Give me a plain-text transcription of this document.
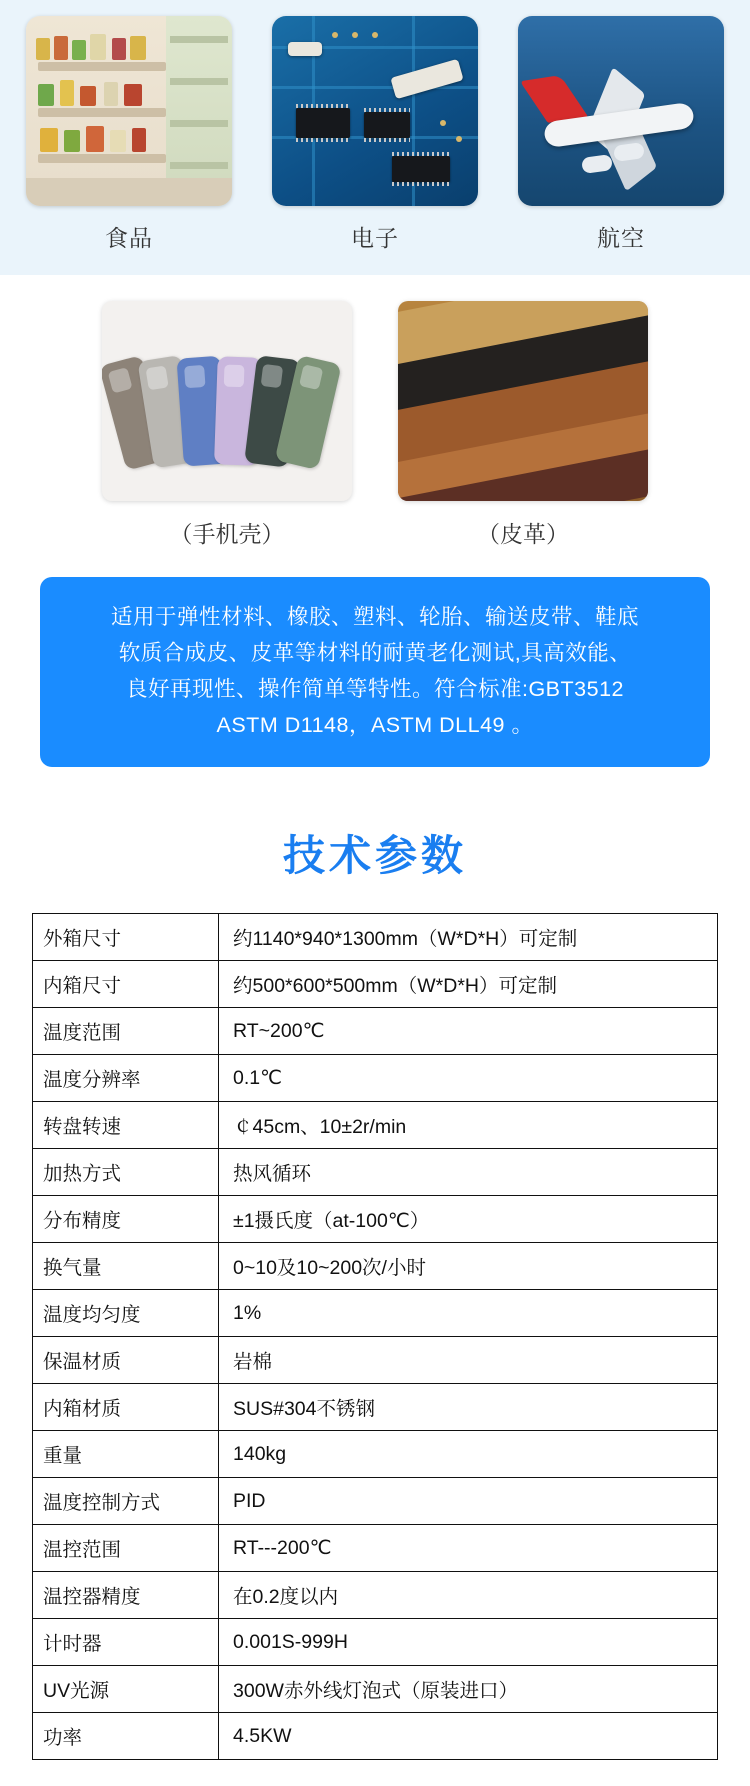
食品	电子	航空
（手机壳）	（皮革）
适用于弹性材料、橡胶、塑料、轮胎、输送皮带、鞋底
软质合成皮、皮革等材料的耐黄老化测试,具高效能、
良好再现性、操作简单等特性。符合标准:GBT3512
ASTM D1148，ASTM DLL49 。
技术参数
外箱尺寸	约1140*940*1300mm（W*D*H）可定制
内箱尺寸	约500*600*500mm（W*D*H）可定制
温度范围	RT~200℃
温度分辨率	0.1℃
转盘转速	￠45cm、10±2r/min
加热方式	热风循环
分布精度	±1摄氏度（at-100℃）
换气量	0~10及10~200次/小时
温度均匀度	1%
保温材质	岩棉
内箱材质	SUS#304不锈钢
重量	140kg
温度控制方式	PID
温控范围	RT---200℃
温控器精度	在0.2度以内
计时器	0.001S-999H
UV光源	300W赤外线灯泡式（原装进口）
功率	4.5KW
